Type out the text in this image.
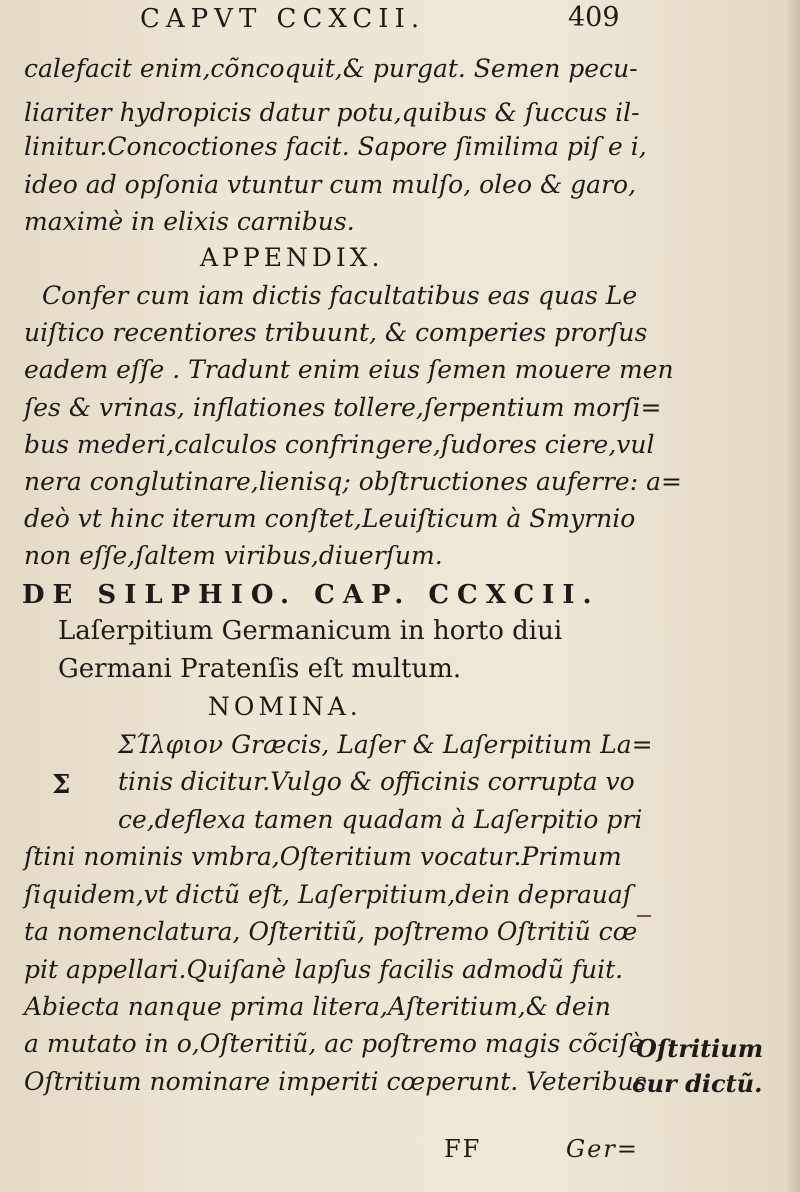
CAPVT CCXCII.	409
calefacit enim,cõncoquit,& purgat. Semen pecu-
liariter hydropicis datur potu,quibus & ſuccus il-
linitur.Concoctiones facit. Sapore ſimilima piſ e i,
ideo ad opſonia vtuntur cum mulſo, oleo & garo,
maximè in elixis carnibus.
APPENDIX.
Confer cum iam dictis facultatibus eas quas Le
uiſtico recentiores tribuunt, & comperies prorſus
eadem eſſe . Tradunt enim eius ſemen mouere men
ſes & vrinas, inflationes tollere,ſerpentium morſi=
bus mederi,calculos confringere,ſudores ciere,vul
nera conglutinare,lienisq; obſtructiones auferre: a=
deò vt hinc iterum conſtet,Leuiſticum à Smyrnio
non eſſe,ſaltem viribus,diuerſum.
DE SILPHIO. CAP. CCXCII.
Laſerpitium Germanicum in horto diui
Germani Pratenſis eſt multum.
NOMINA.
Σ
ΣΊλφιον Græcis, Laſer & Laſerpitium La=
tinis dicitur.Vulgo & officinis corrupta vo
ce,deflexa tamen quadam à Laſerpitio pri
ſtini nominis vmbra,Oſteritium vocatur.Primum
ſiquidem,vt dictũ eſt, Laſerpitium,dein deprauaſ
ta nomenclatura, Oſteritiũ, poſtremo Oſtritiũ cœ
pit appellari.Quiſanè lapſus facilis admodũ fuit.
Abiecta nanque prima litera,Aſteritium,& dein
a mutato in o,Oſteritiũ, ac poſtremo magis cõciſè
Oſtritium nominare imperiti cœperunt. Veteribus
Oſtritium
cur dictũ.
FF	Ger=
